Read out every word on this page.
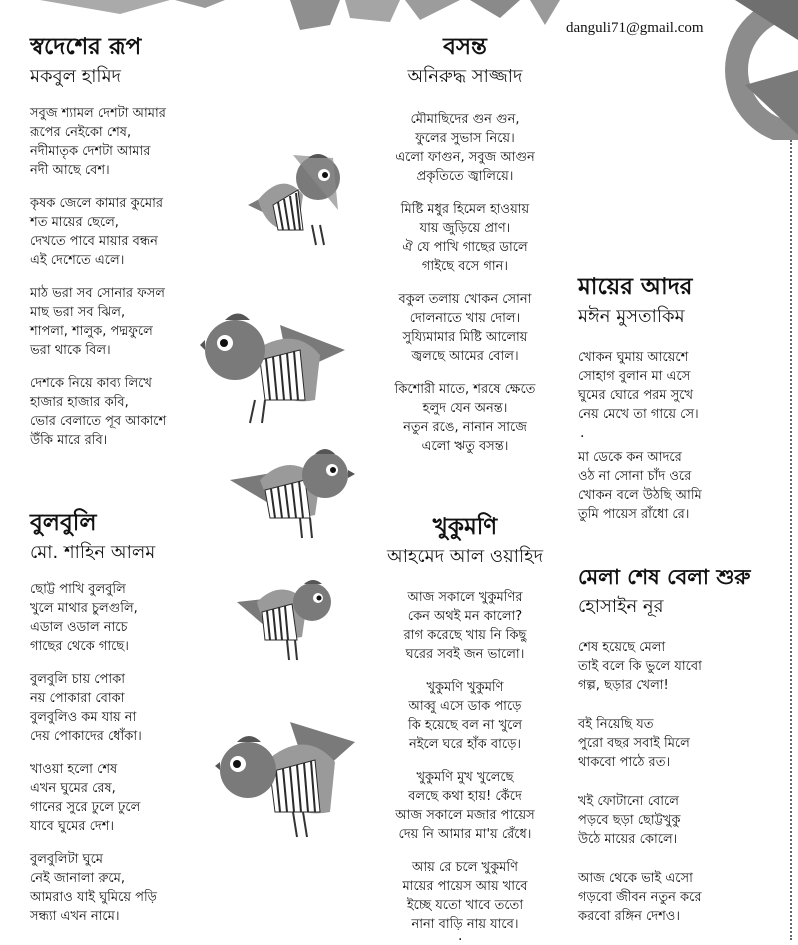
danguli71@gmail.com
স্বদেশের রূপ
মকবুল হামিদ
সবুজ শ্যামল দেশটা আমার
রূপের নেইকো শেষ,
নদীমাতৃক দেশটা আমার
নদী আছে বেশ।
কৃষক জেলে কামার কুমোর
শত মায়ের ছেলে,
দেখতে পাবে মায়ার বন্ধন
এই দেশেতে এলে।
মাঠ ভরা সব সোনার ফসল
মাছ ভরা সব ঝিল,
শাপলা, শালুক, পদ্মফুলে
ভরা থাকে বিল।
দেশকে নিয়ে কাব্য লিখে
হাজার হাজার কবি,
ভোর বেলাতে পূব আকাশে
উঁকি মারে রবি।
বসন্ত
অনিরুদ্ধ সাজ্জাদ
মৌমাছিদের গুন গুন,
ফুলের সুভাস নিয়ে।
এলো ফাগুন, সবুজ আগুন
প্রকৃতিতে জ্বালিয়ে।
মিষ্টি মধুর হিমেল হাওয়ায়
যায় জুড়িয়ে প্রাণ।
ঐ যে পাখি গাছের ডালে
গাইছে বসে গান।
বকুল তলায় খোকন সোনা
দোলনাতে খায় দোল।
সুয্যিমামার মিষ্টি আলোয়
জ্বলছে আমের বোল।
কিশোরী মাতে, শরষে ক্ষেতে
হলুদ যেন অনন্ত।
নতুন রঙে, নানান সাজে
এলো ঋতু বসন্ত।
মায়ের আদর
মঈন মুসতাকিম
খোকন ঘুমায় আয়েশে
সোহাগ বুলান মা এসে
ঘুমের ঘোরে পরম সুখে
নেয় মেখে তা গায়ে সে।
মা ডেকে কন আদরে
ওঠ না সোনা চাঁদ ওরে
খোকন বলে উঠছি আমি
তুমি পায়েস রাঁধো রে।
.
বুলবুলি
মো. শাহিন আলম
ছোট্ট পাখি বুলবুলি
খুলে মাথার চুলগুলি,
এডাল ওডাল নাচে
গাছের থেকে গাছে।
বুলবুলি চায় পোকা
নয় পোকারা বোকা
বুলবুলিও কম যায় না
দেয় পোকাদের ধোঁকা।
খাওয়া হলো শেষ
এখন ঘুমের রেষ,
গানের সুরে ঢুলে ঢুলে
যাবে ঘুমের দেশ।
বুলবুলিটা ঘুমে
নেই জানালা রুমে,
আমরাও যাই ঘুমিয়ে পড়ি
সন্ধ্যা এখন নামে।
খুকুমণি
আহমেদ আল ওয়াহিদ
আজ সকালে খুকুমণির
কেন অথই মন কালো?
রাগ করেছে খায় নি কিছু
ঘরের সবই জন ভালো।
খুকুমণি খুকুমণি
আব্বু এসে ডাক পাড়ে
কি হয়েছে বল না খুলে
নইলে ঘরে হাঁক বাড়ে।
খুকুমণি মুখ খুলেছে
বলছে কথা হায়! কেঁদে
আজ সকালে মজার পায়েস
দেয় নি আমার মা'য় রেঁধে।
আয় রে চলে খুকুমণি
মায়ের পায়েস আয় খাবে
ইচ্ছে যতো খাবে ততো
নানা বাড়ি নায় যাবে।
মেলা শেষ বেলা শুরু
হোসাইন নূর
শেষ হয়েছে মেলা
তাই বলে কি ভুলে যাবো
গল্প, ছড়ার খেলা!
বই নিয়েছি যত
পুরো বছর সবাই মিলে
থাকবো পাঠে রত।
খই ফোটানো বোলে
পড়বে ছড়া ছোট্টখুকু
উঠে মায়ের কোলে।
আজ থেকে ভাই এসো
গড়বো জীবন নতুন করে
করবো রঙ্গিন দেশও।
.
